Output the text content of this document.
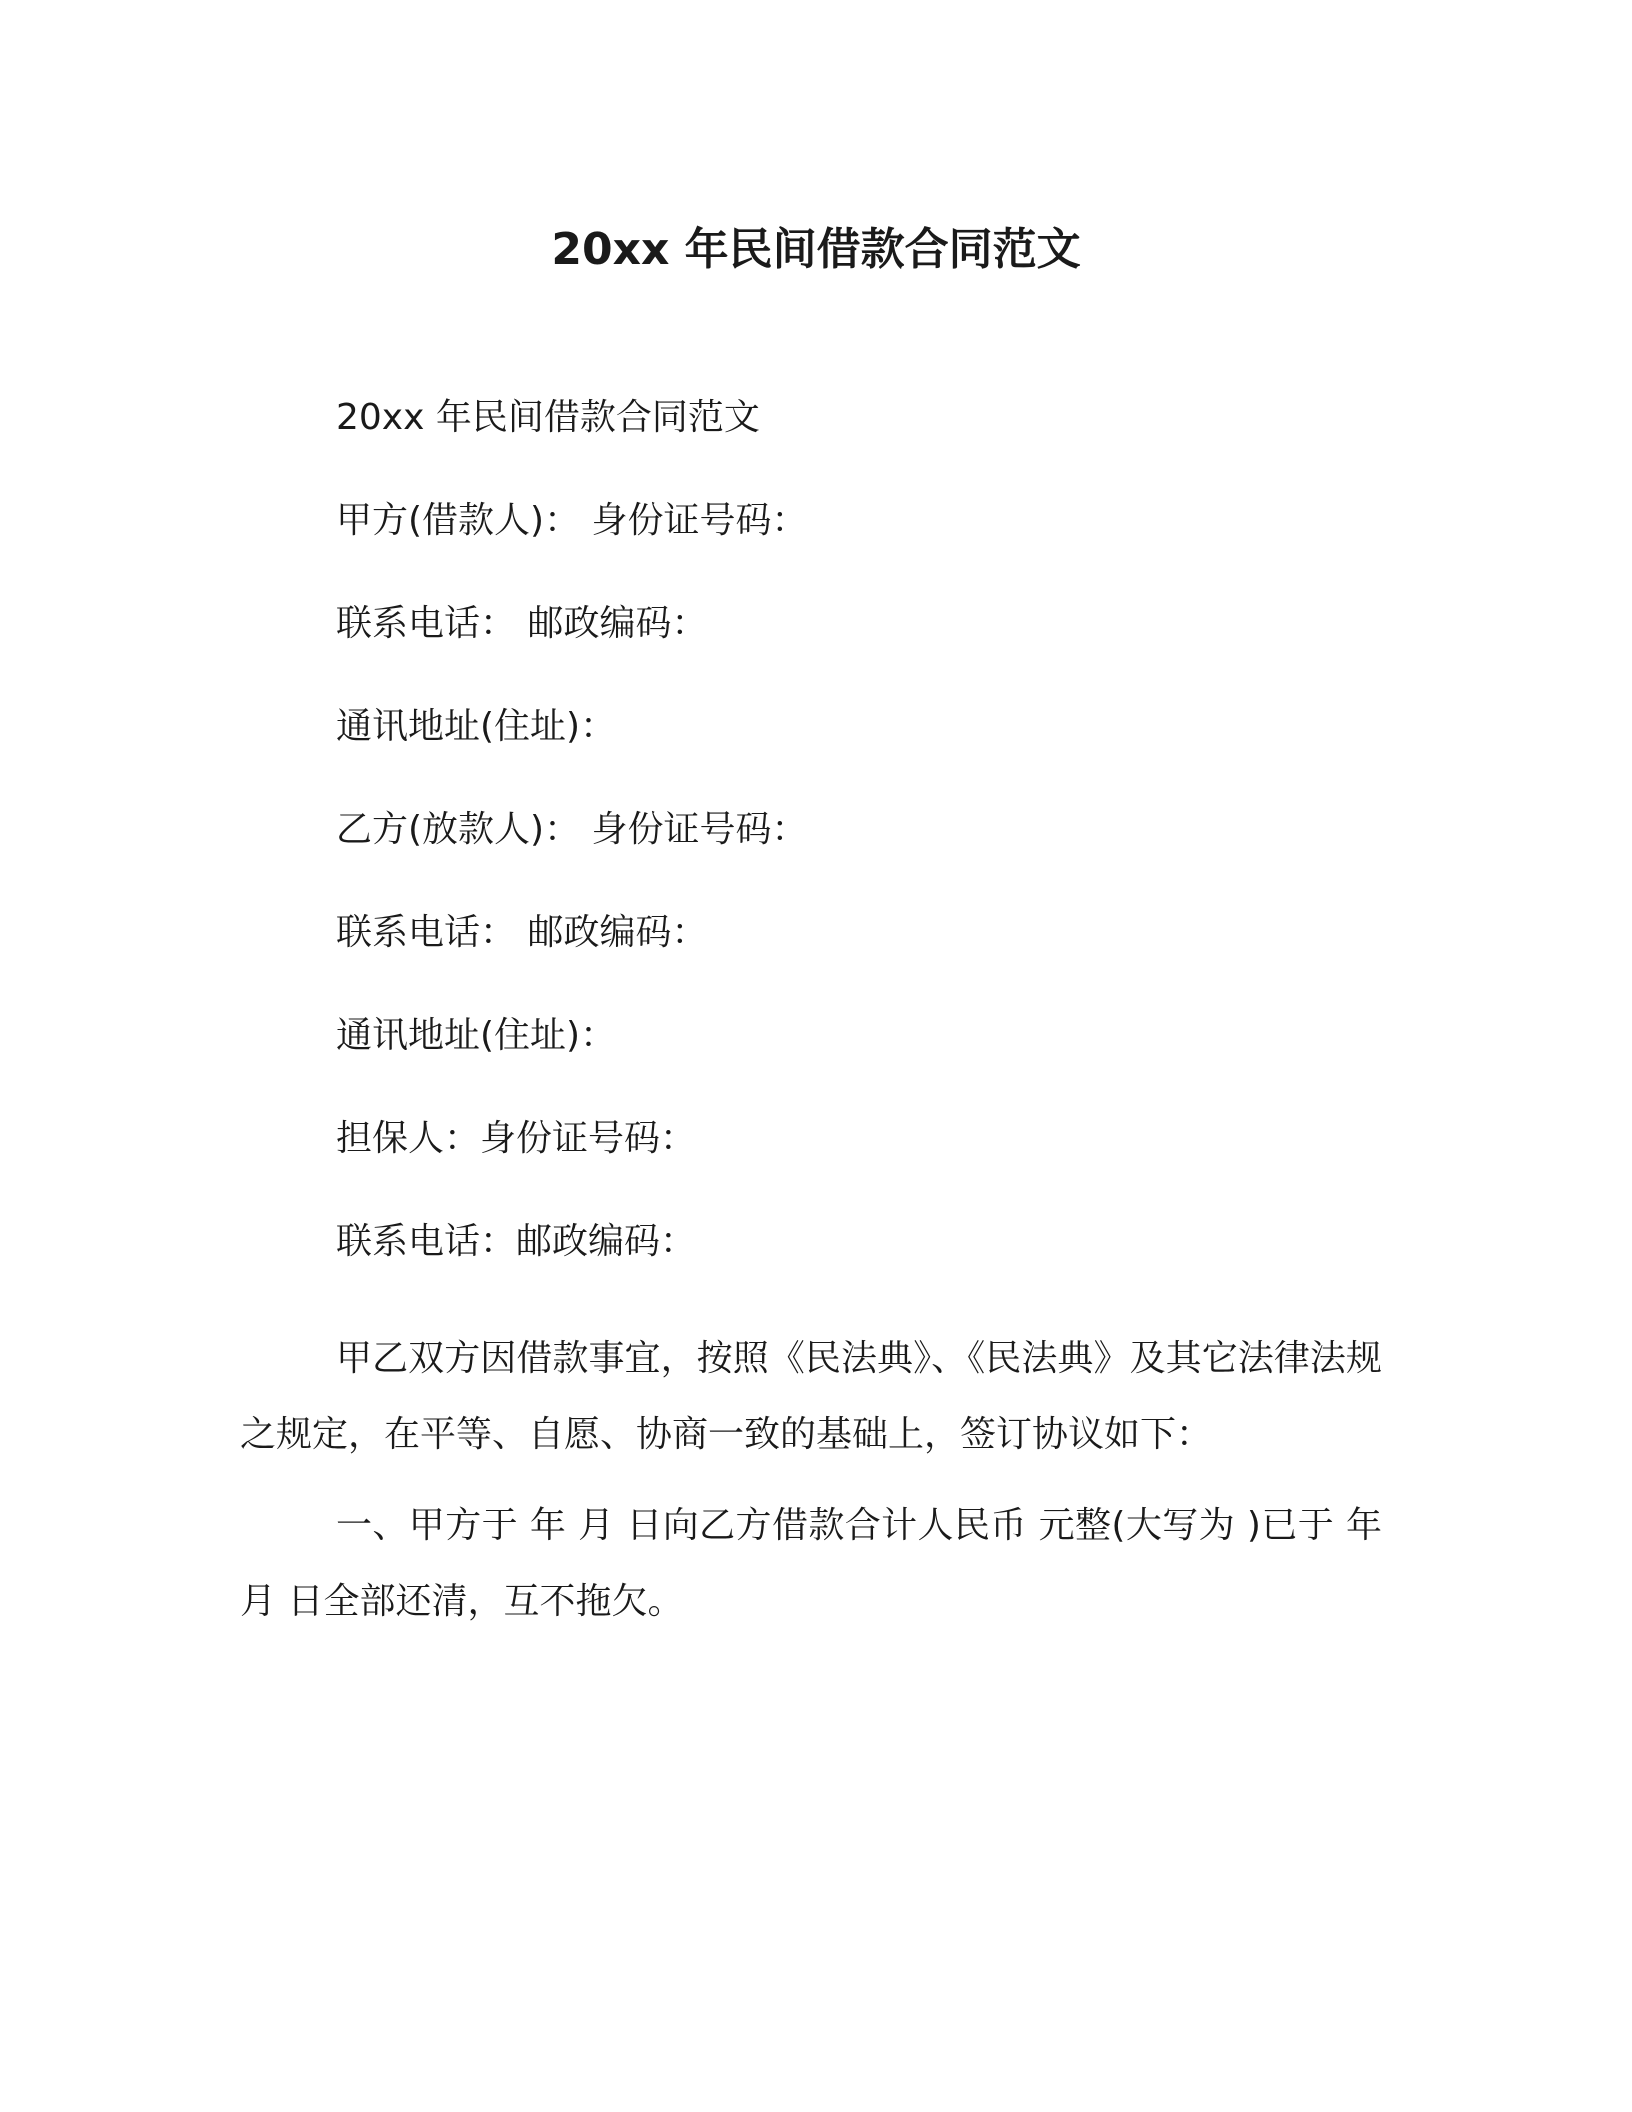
20xx 年民间借款合同范文

20xx 年民间借款合同范文

甲方(借款人)： 身份证号码：

联系电话： 邮政编码：

通讯地址(住址)：

乙方(放款人)： 身份证号码：

联系电话： 邮政编码：

通讯地址(住址)：

担保人：身份证号码：

联系电话：邮政编码：

甲乙双方因借款事宜，按照《民法典》、《民法典》及其它法律法规之规定，在平等、自愿、协商一致的基础上，签订协议如下：

一、甲方于 年 月 日向乙方借款合计人民币 元整(大写为 )已于 年月 日全部还清，互不拖欠。
